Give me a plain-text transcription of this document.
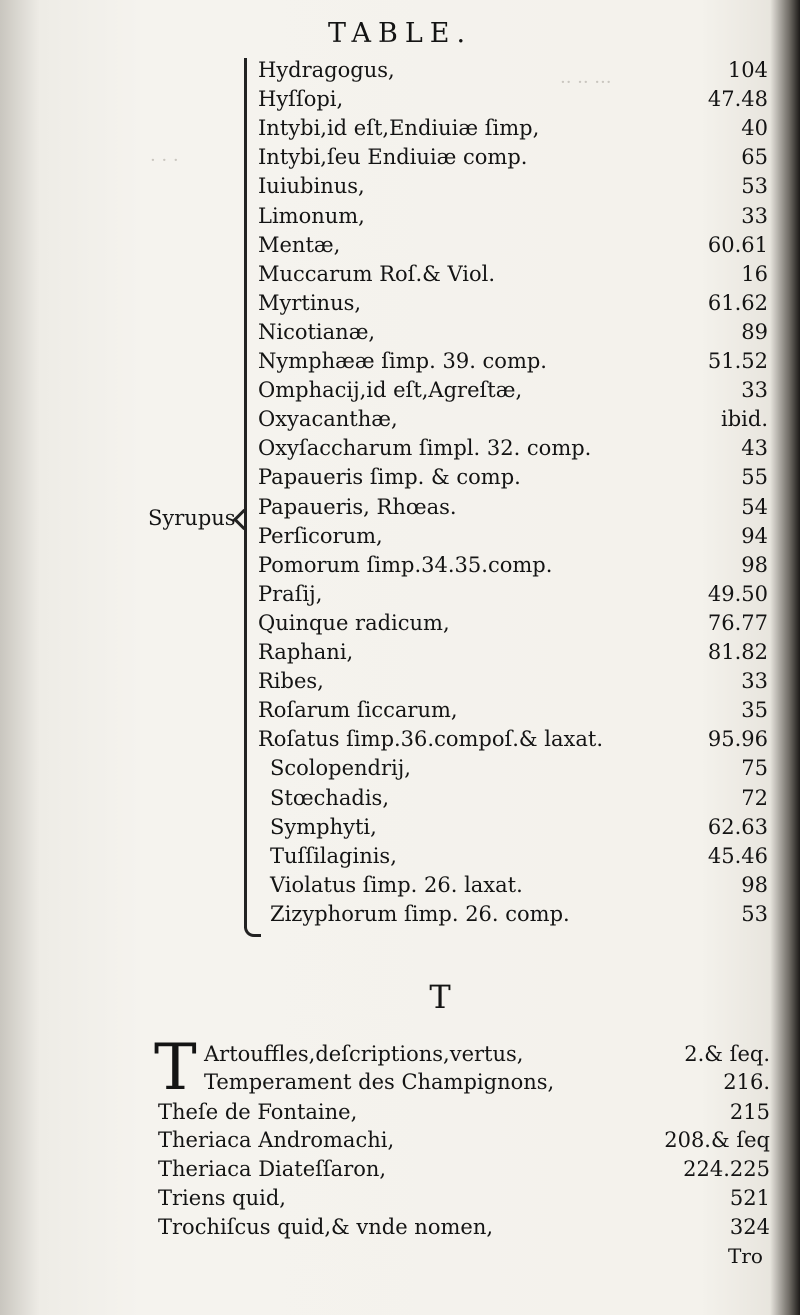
TABLE.
··· ·· ··
· · ·
Syrupus
Hydragogus,	104
Hyſſopi,	47.48
Intybi,id eſt,Endiuiæ ſimp,	40
Intybi,ſeu Endiuiæ comp.	65
Iuiubinus,	53
Limonum,	33
Mentæ,	60.61
Muccarum Roſ.& Viol.	16
Myrtinus,	61.62
Nicotianæ,	89
Nymphææ ſimp. 39. comp.	51.52
Omphacij,id eſt,Agreſtæ,	33
Oxyacanthæ,	ibid.
Oxyſaccharum ſimpl. 32. comp.	43
Papaueris ſimp. & comp.	55
Papaueris, Rhœas.	54
Perſicorum,	94
Pomorum ſimp.34.35.comp.	98
Praſij,	49.50
Quinque radicum,	76.77
Raphani,	81.82
Ribes,	33
Roſarum ſiccarum,	35
Roſatus ſimp.36.compoſ.& laxat.	95.96
Scolopendrij,	75
Stœchadis,	72
Symphyti,	62.63
Tuſſilaginis,	45.46
Violatus ſimp. 26. laxat.	98
Zizyphorum ſimp. 26. comp.	53
T
T Artouffles,deſcriptions,vertus,	2.& ſeq.
Temperament des Champignons,	216.
Theſe de Fontaine,	215
Theriaca Andromachi,	208.& ſeq
Theriaca Diateſſaron,	224.225
Triens quid,	521
Trochiſcus quid,& vnde nomen,	324
Tro
